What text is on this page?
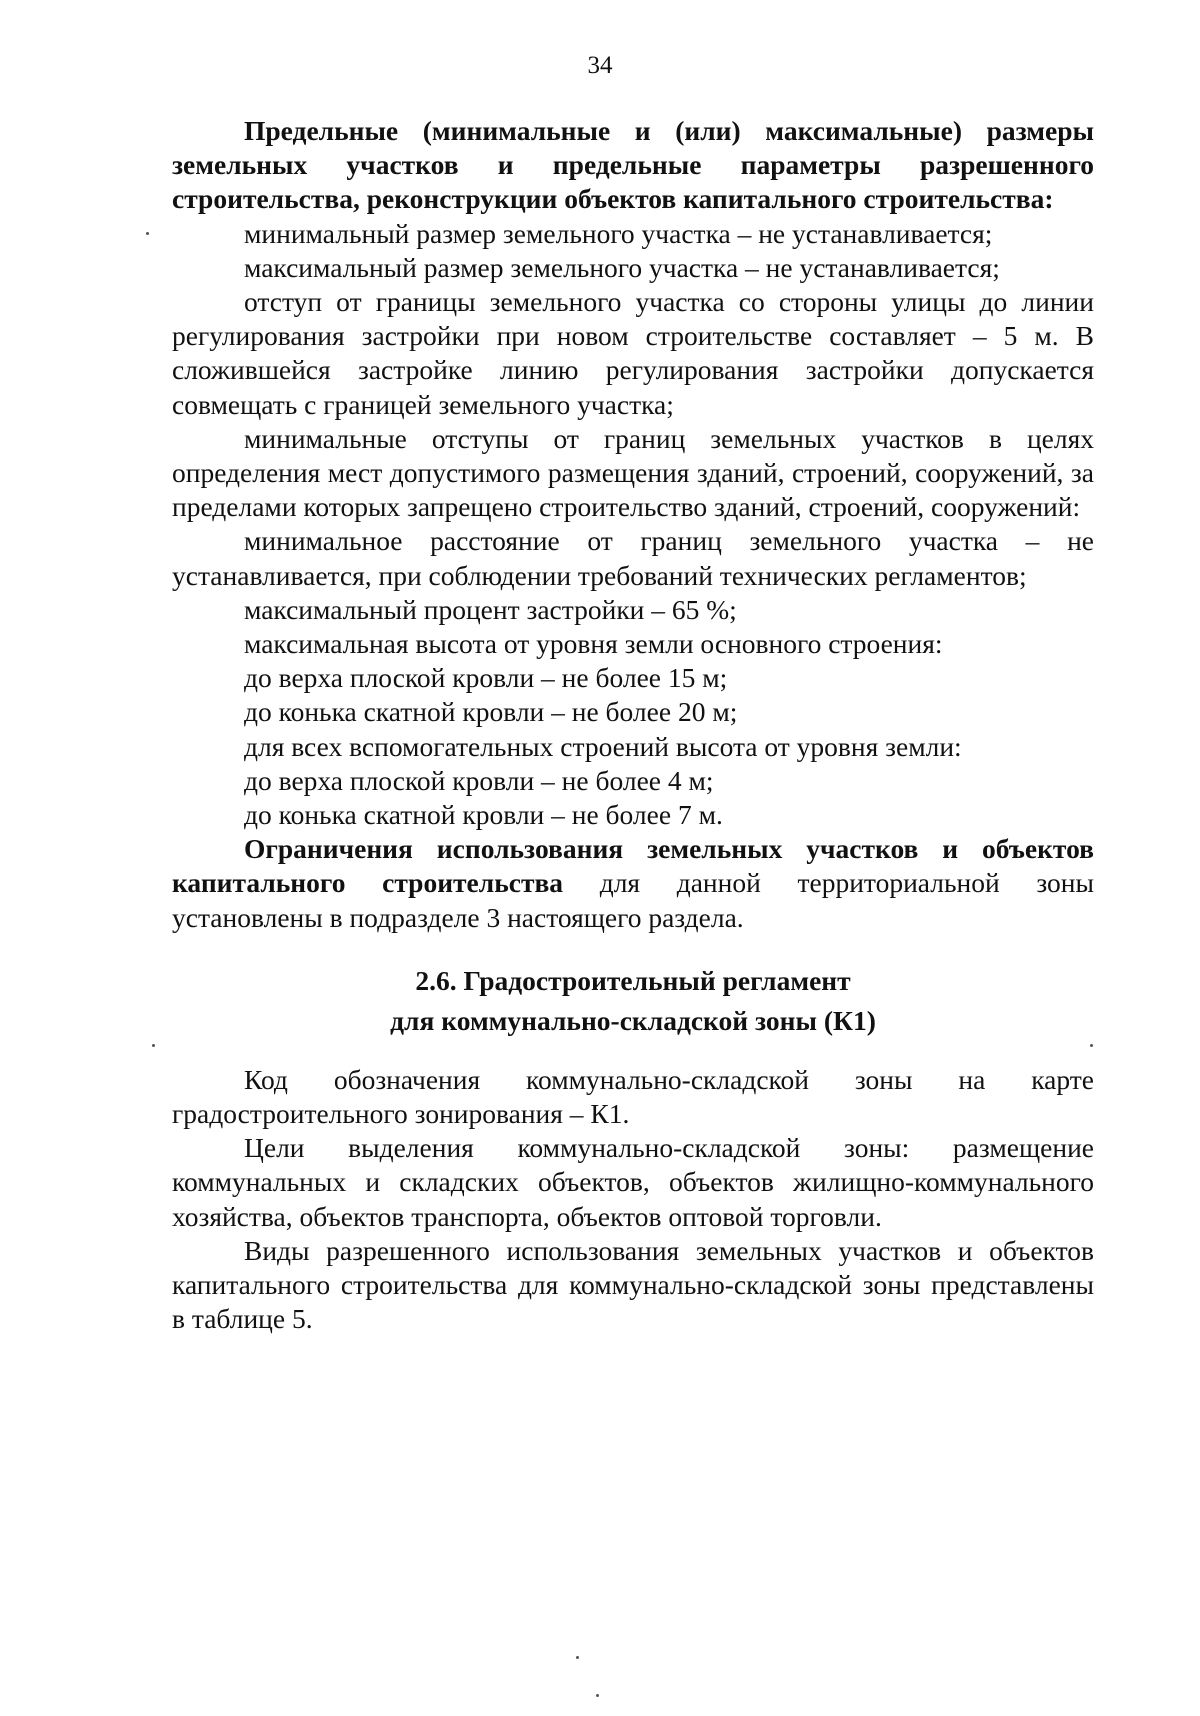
34

Предельные (минимальные и (или) максимальные) размеры земельных участков и предельные параметры разрешенного строительства, реконструкции объектов капитального строительства:

минимальный размер земельного участка – не устанавливается;

максимальный размер земельного участка – не устанавливается;

отступ от границы земельного участка со стороны улицы до линии регулирования застройки при новом строительстве составляет – 5 м. В сложившейся застройке линию регулирования застройки допускается совмещать с границей земельного участка;

минимальные отступы от границ земельных участков в целях определения мест допустимого размещения зданий, строений, сооружений, за пределами которых запрещено строительство зданий, строений, сооружений:

минимальное расстояние от границ земельного участка – не устанавливается, при соблюдении требований технических регламентов;

максимальный процент застройки – 65 %;

максимальная высота от уровня земли основного строения:

до верха плоской кровли – не более 15 м;

до конька скатной кровли – не более 20 м;

для всех вспомогательных строений высота от уровня земли:

до верха плоской кровли – не более 4 м;

до конька скатной кровли – не более 7 м.

Ограничения использования земельных участков и объектов капитального строительства для данной территориальной зоны установлены в подразделе 3 настоящего раздела.

2.6. Градостроительный регламент
для коммунально-складской зоны (К1)

Код обозначения коммунально-складской зоны на карте градостроительного зонирования – К1.

Цели выделения коммунально-складской зоны: размещение коммунальных и складских объектов, объектов жилищно-коммунального хозяйства, объектов транспорта, объектов оптовой торговли.

Виды разрешенного использования земельных участков и объектов капитального строительства для коммунально-складской зоны представлены в таблице 5.
